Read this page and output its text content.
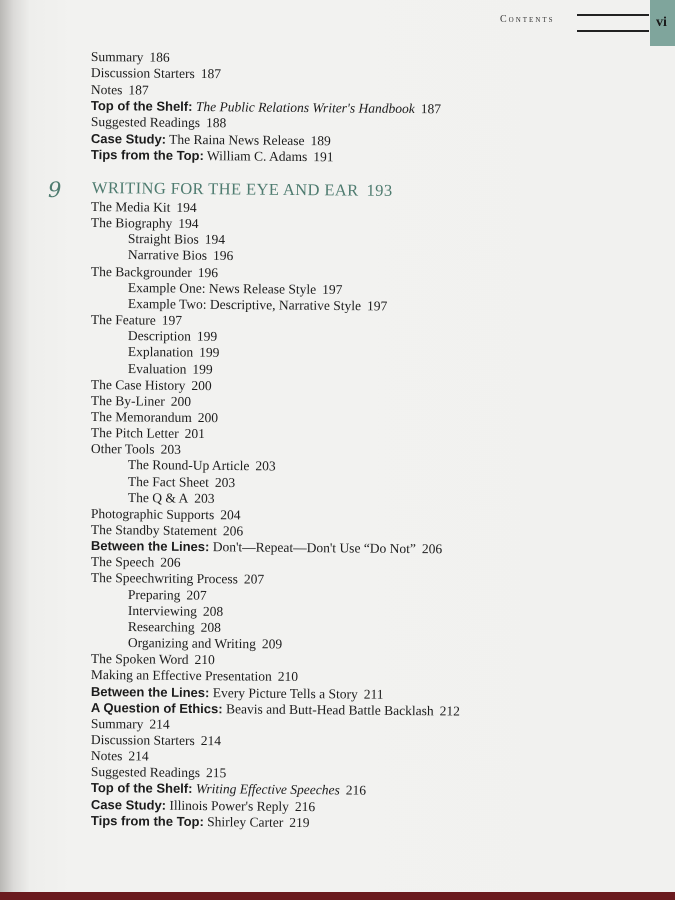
Contents	vi
9 WRITING FOR THE EYE AND EAR 193
Summary 186
Discussion Starters 187
Notes 187
Top of the Shelf: The Public Relations Writer's Handbook 187
Suggested Readings 188
Case Study: The Raina News Release 189
Tips from the Top: William C. Adams 191
The Media Kit 194
The Biography 194
Straight Bios 194
Narrative Bios 196
The Backgrounder 196
Example One: News Release Style 197
Example Two: Descriptive, Narrative Style 197
The Feature 197
Description 199
Explanation 199
Evaluation 199
The Case History 200
The By-Liner 200
The Memorandum 200
The Pitch Letter 201
Other Tools 203
The Round-Up Article 203
The Fact Sheet 203
The Q & A 203
Photographic Supports 204
The Standby Statement 206
Between the Lines: Don't—Repeat—Don't Use “Do Not” 206
The Speech 206
The Speechwriting Process 207
Preparing 207
Interviewing 208
Researching 208
Organizing and Writing 209
The Spoken Word 210
Making an Effective Presentation 210
Between the Lines: Every Picture Tells a Story 211
A Question of Ethics: Beavis and Butt-Head Battle Backlash 212
Summary 214
Discussion Starters 214
Notes 214
Suggested Readings 215
Top of the Shelf: Writing Effective Speeches 216
Case Study: Illinois Power's Reply 216
Tips from the Top: Shirley Carter 219
